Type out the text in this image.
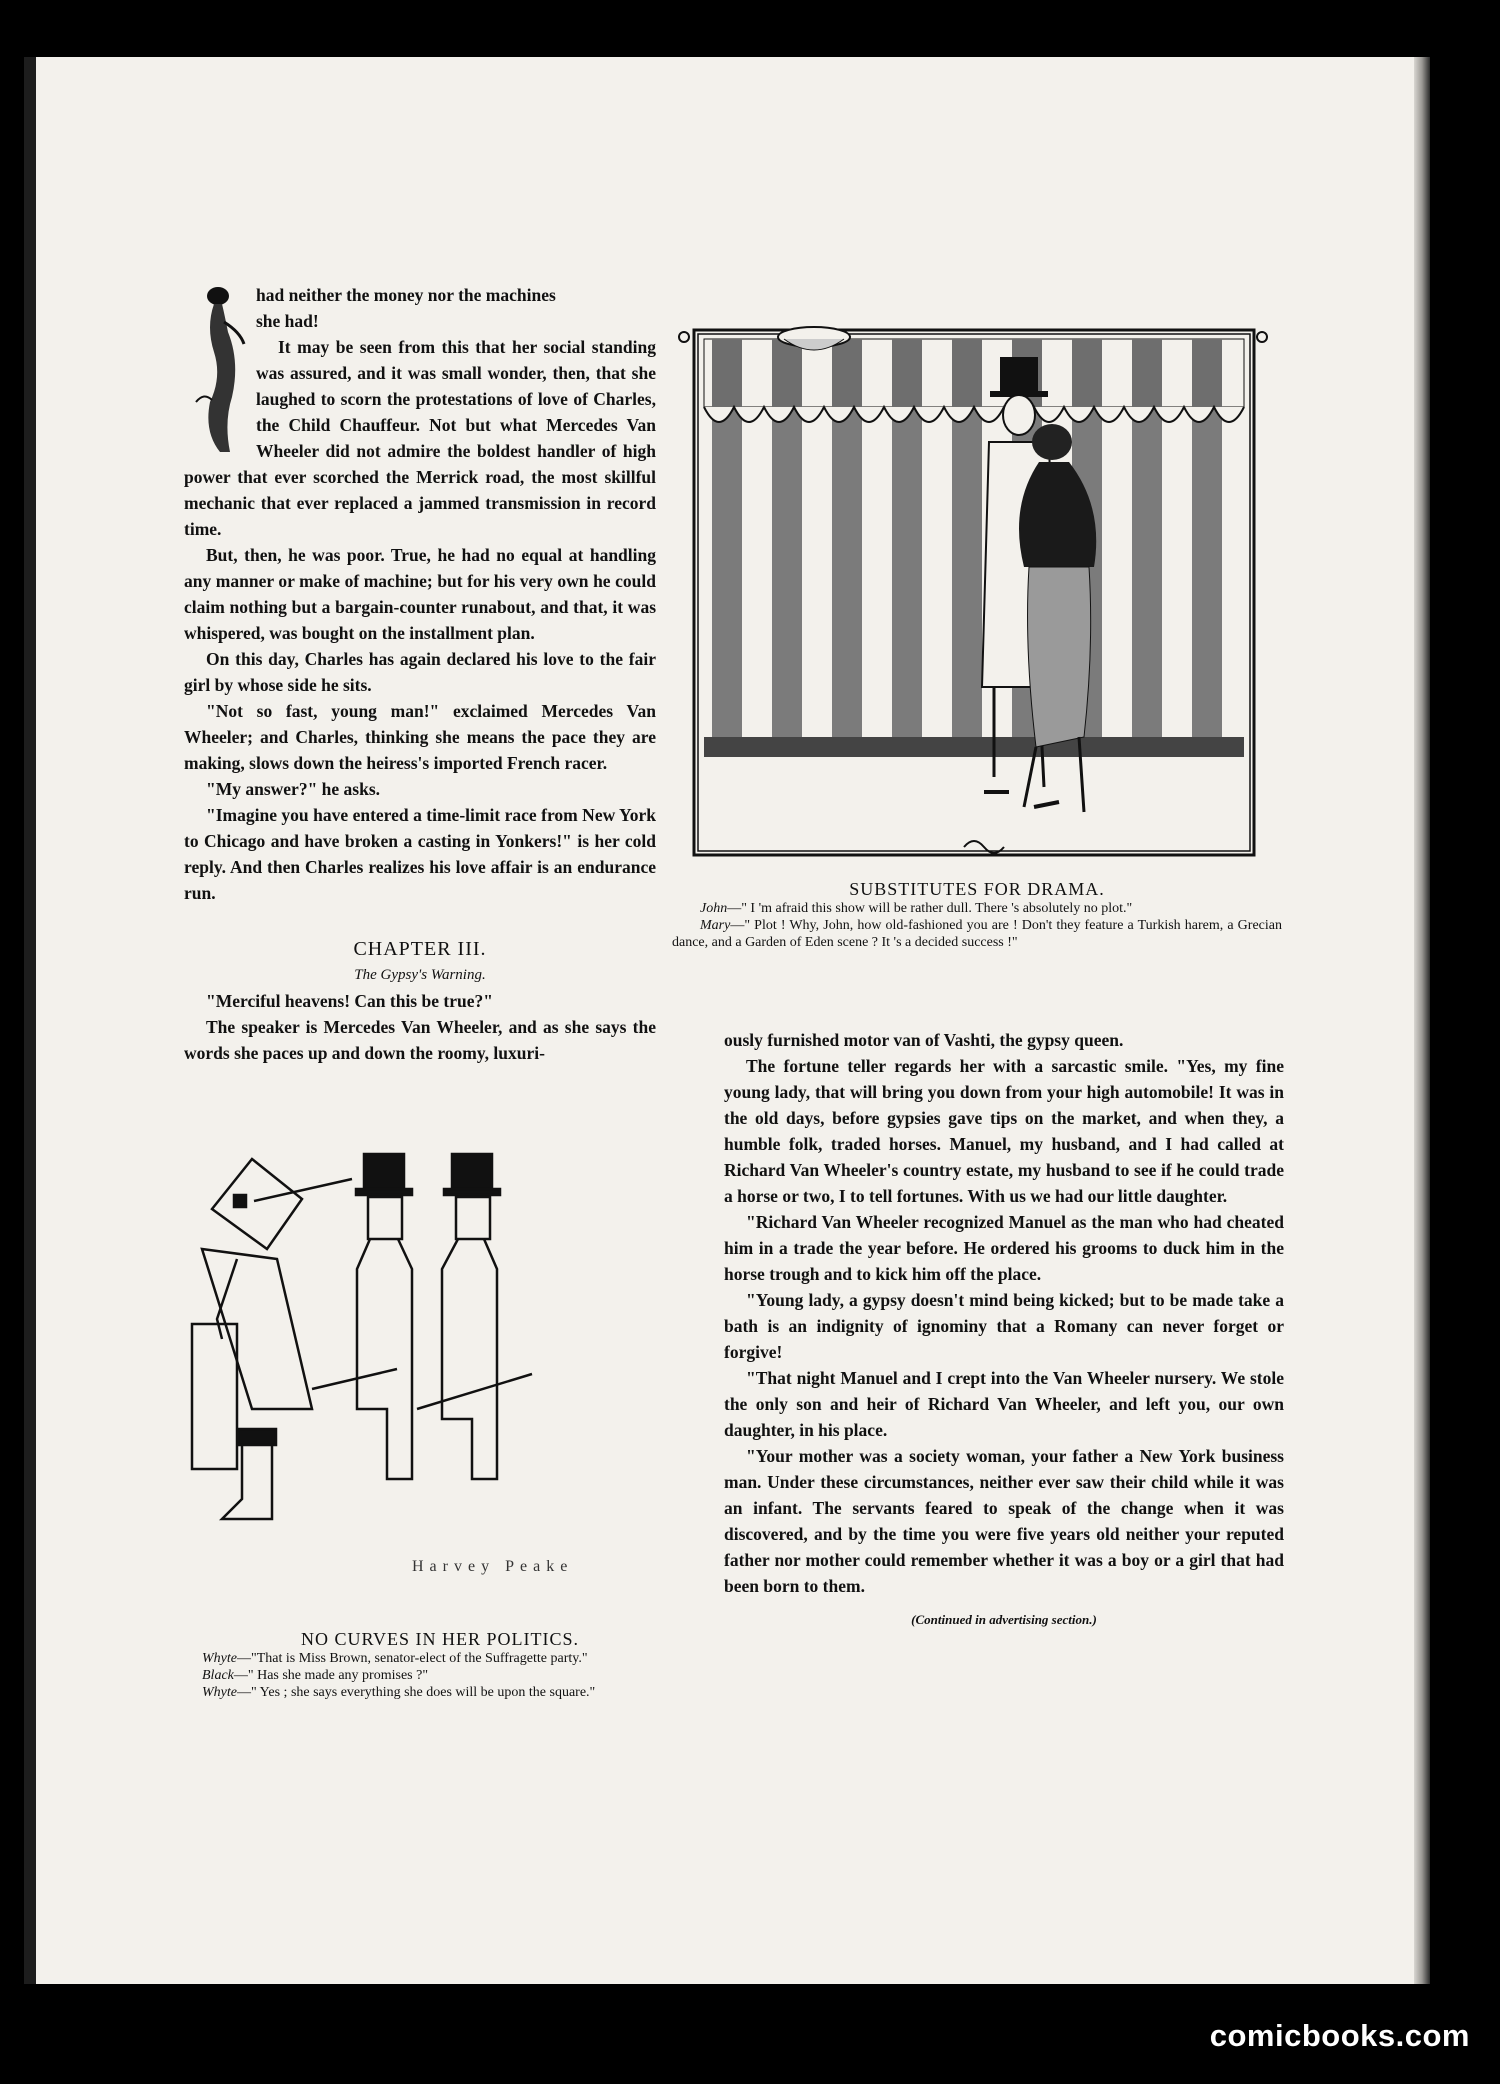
had neither the money nor the machines

she had!

It may be seen from this that her social standing was assured, and it was small wonder, then, that she laughed to scorn the protestations of love of Charles, the Child Chauffeur. Not but what Mercedes Van Wheeler did not admire the boldest handler of high power that ever scorched the Merrick road, the most skillful mechanic that ever replaced a jammed transmission in record time.

But, then, he was poor. True, he had no equal at handling any manner or make of machine; but for his very own he could claim nothing but a bargain-counter runabout, and that, it was whispered, was bought on the installment plan.

On this day, Charles has again declared his love to the fair girl by whose side he sits.

"Not so fast, young man!" exclaimed Mercedes Van Wheeler; and Charles, thinking she means the pace they are making, slows down the heiress's imported French racer.

"My answer?" he asks.

"Imagine you have entered a time-limit race from New York to Chicago and have broken a casting in Yonkers!" is her cold reply. And then Charles realizes his love affair is an endurance run.

CHAPTER III.
The Gypsy's Warning.

"Merciful heavens! Can this be true?"

The speaker is Mercedes Van Wheeler, and as she says the words she paces up and down the roomy, luxuri-

SUBSTITUTES FOR DRAMA.

John—" I 'm afraid this show will be rather dull. There 's absolutely no plot."

Mary—" Plot ! Why, John, how old-fashioned you are ! Don't they feature a Turkish harem, a Grecian dance, and a Garden of Eden scene ? It 's a decided success !"

Harvey Peake
NO CURVES IN HER POLITICS.

Whyte—"That is Miss Brown, senator-elect of the Suffragette party."

Black—" Has she made any promises ?"

Whyte—" Yes ; she says everything she does will be upon the square."

ously furnished motor van of Vashti, the gypsy queen.

The fortune teller regards her with a sarcastic smile. "Yes, my fine young lady, that will bring you down from your high automobile! It was in the old days, before gypsies gave tips on the market, and when they, a humble folk, traded horses. Manuel, my husband, and I had called at Richard Van Wheeler's country estate, my husband to see if he could trade a horse or two, I to tell fortunes. With us we had our little daughter.

"Richard Van Wheeler recognized Manuel as the man who had cheated him in a trade the year before. He ordered his grooms to duck him in the horse trough and to kick him off the place.

"Young lady, a gypsy doesn't mind being kicked; but to be made take a bath is an indignity of ignominy that a Romany can never forget or forgive!

"That night Manuel and I crept into the Van Wheeler nursery. We stole the only son and heir of Richard Van Wheeler, and left you, our own daughter, in his place.

"Your mother was a society woman, your father a New York business man. Under these circumstances, neither ever saw their child while it was an infant. The servants feared to speak of the change when it was discovered, and by the time you were five years old neither your reputed father nor mother could remember whether it was a boy or a girl that had been born to them.

(Continued in advertising section.)
comicbooks.com
